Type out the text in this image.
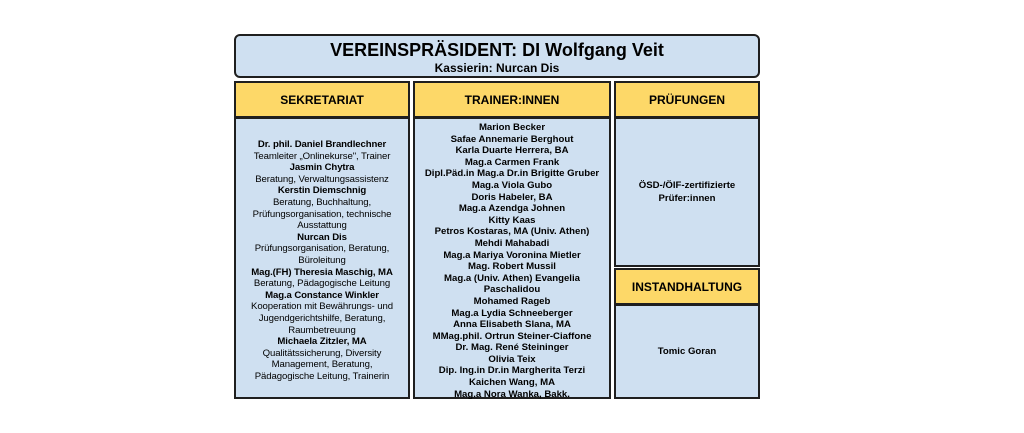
VEREINSPRÄSIDENT: DI Wolfgang Veit
Kassierin: Nurcan Dis
SEKRETARIAT
Dr. phil. Daniel Brandlechner
Teamleiter „Onlinekurse", Trainer
Jasmin Chytra
Beratung, Verwaltungsassistenz
Kerstin Diemschnig
Beratung, Buchhaltung,
Prüfungsorganisation, technische
Ausstattung
Nurcan Dis
Prüfungsorganisation, Beratung,
Büroleitung
Mag.(FH) Theresia Maschig, MA
Beratung, Pädagogische Leitung
Mag.a Constance Winkler
Kooperation mit Bewährungs- und
Jugendgerichtshilfe, Beratung,
Raumbetreuung
Michaela Zitzler, MA
Qualitätssicherung, Diversity
Management, Beratung,
Pädagogische Leitung, Trainerin
TRAINER:INNEN
Marion Becker
Safae Annemarie Berghout
Karla Duarte Herrera, BA
Mag.a Carmen Frank
Dipl.Päd.in Mag.a Dr.in Brigitte Gruber
Mag.a Viola Gubo
Doris Habeler, BA
Mag.a Azendga Johnen
Kitty Kaas
Petros Kostaras, MA (Univ. Athen)
Mehdi Mahabadi
Mag.a Mariya Voronina Mietler
Mag. Robert Mussil
Mag.a (Univ. Athen) Evangelia
Paschalidou
Mohamed Rageb
Mag.a Lydia Schneeberger
Anna Elisabeth Slana, MA
MMag.phil. Ortrun Steiner-Ciaffone
Dr. Mag. René Steininger
Olivia Teix
Dip. Ing.in Dr.in Margherita Terzi
Kaichen Wang, MA
Mag.a Nora Wanka, Bakk.
PRÜFUNGEN
ÖSD-/ÖIF-zertifizierte
Prüfer:innen
INSTANDHALTUNG
Tomic Goran
